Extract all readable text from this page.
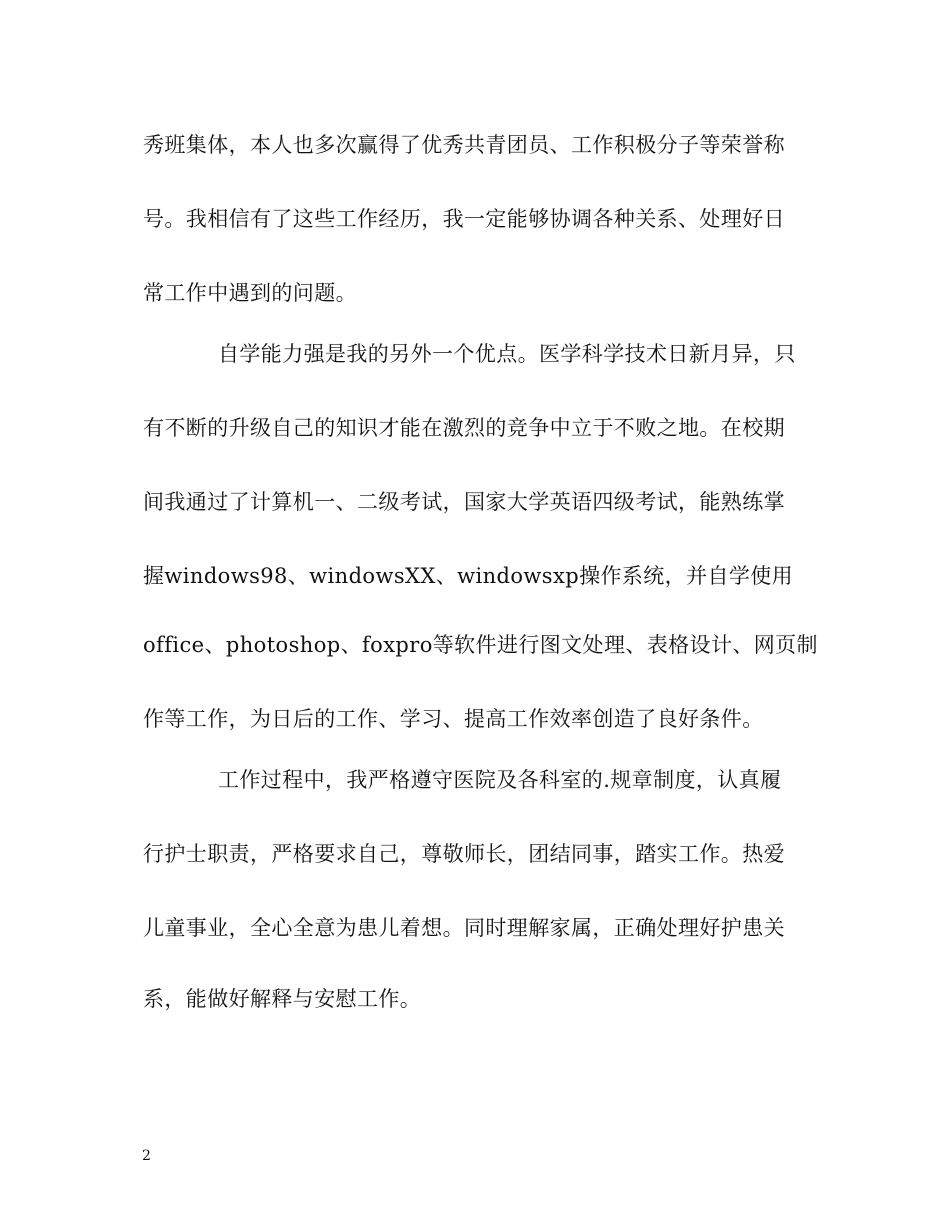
秀班集体，本人也多次赢得了优秀共青团员、工作积极分子等荣誉称
号。我相信有了这些工作经历，我一定能够协调各种关系、处理好日
常工作中遇到的问题。
自学能力强是我的另外一个优点。医学科学技术日新月异，只
有不断的升级自己的知识才能在激烈的竞争中立于不败之地。在校期
间我通过了计算机一、二级考试，国家大学英语四级考试，能熟练掌
握windows98、windowsXX、windowsxp操作系统，并自学使用
office、photoshop、foxpro等软件进行图文处理、表格设计、网页制
作等工作，为日后的工作、学习、提高工作效率创造了良好条件。
工作过程中，我严格遵守医院及各科室的.规章制度，认真履
行护士职责，严格要求自己，尊敬师长，团结同事，踏实工作。热爱
儿童事业，全心全意为患儿着想。同时理解家属，正确处理好护患关
系，能做好解释与安慰工作。
2
